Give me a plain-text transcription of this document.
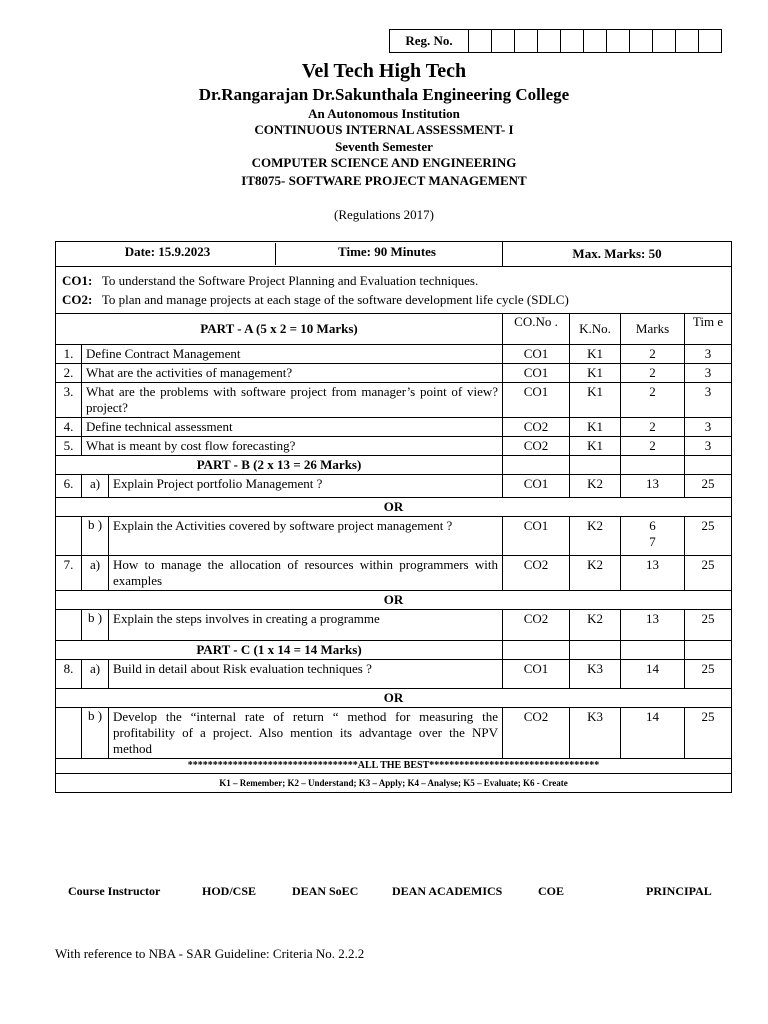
Reg. No.											
Vel Tech High Tech
Dr.Rangarajan Dr.Sakunthala Engineering College
An Autonomous Institution
CONTINUOUS INTERNAL ASSESSMENT- I
Seventh Semester
COMPUTER SCIENCE AND ENGINEERING
IT8075- SOFTWARE PROJECT MANAGEMENT
(Regulations 2017)
Date: 15.9.2023 Time: 90 Minutes			Max. Marks: 50			

CO1: To understand the Software Project Planning and Evaluation techniques.
CO2: To plan and manage projects at each stage of the software development life cycle (SDLC)						

PART - A (5 x 2 = 10 Marks)			CO.No .	K.No.	Marks	Tim e
1.	Define Contract Management		CO1	K1	2	3
2.	What are the activities of management?		CO1	K1	2	3
3.	What are the problems with software project from manager’s point of view? project?		CO1	K1	2	3
4.	Define technical assessment		CO2	K1	2	3
5.	What is meant by cost flow forecasting?		CO2	K1	2	3
PART - B (2 x 13 = 26 Marks)						
6.	a)	Explain Project portfolio Management ?	CO1	K2	13	25
OR						
	b )	Explain the Activities covered by software project management ?	CO1	K2	6 7	25
7.	a)	How to manage the allocation of resources within programmers with examples	CO2	K2	13	25
OR						
	b )	Explain the steps involves in creating a programme	CO2	K2	13	25
PART - C (1 x 14 = 14 Marks)						
8.	a)	Build in detail about Risk evaluation techniques ?	CO1	K3	14	25
OR						
	b )	Develop the “internal rate of return “ method for measuring the profitability of a project. Also mention its advantage over the NPV method	CO2	K3	14	25
**********************************ALL THE BEST**********************************						
K1 – Remember; K2 – Understand; K3 – Apply; K4 – Analyse; K5 – Evaluate; K6 - Create						
Course Instructor	HOD/CSE	DEAN SoEC	DEAN ACADEMICS	COE	PRINCIPAL
With reference to NBA - SAR Guideline: Criteria No. 2.2.2
